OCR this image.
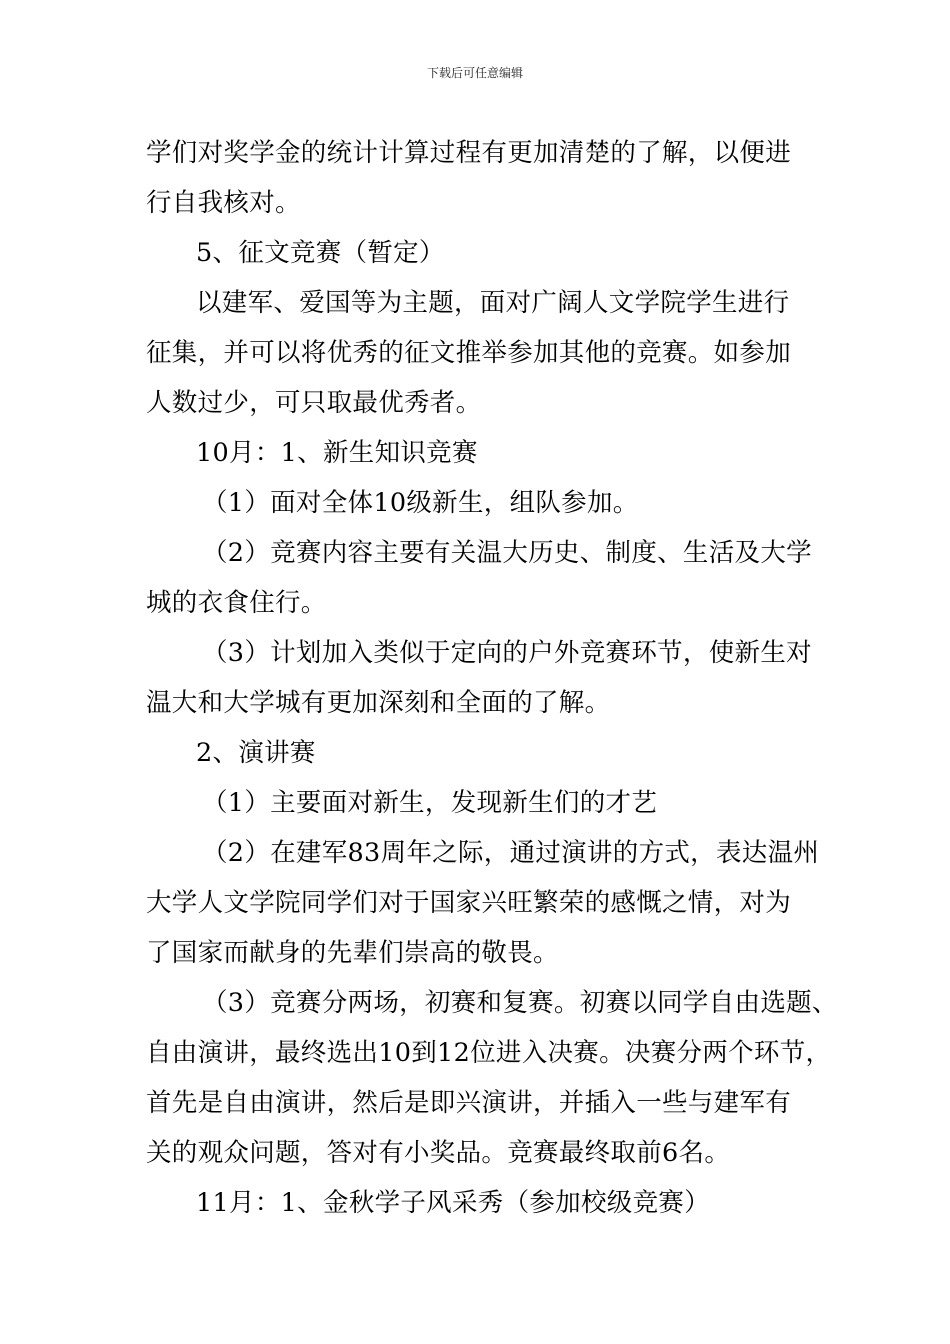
下载后可任意编辑
学们对奖学金的统计计算过程有更加清楚的了解，以便进
行自我核对。
5、征文竞赛（暂定）
以建军、爱国等为主题，面对广阔人文学院学生进行
征集，并可以将优秀的征文推举参加其他的竞赛。如参加
人数过少，可只取最优秀者。
10月：1、新生知识竞赛
（1）面对全体10级新生，组队参加。
（2）竞赛内容主要有关温大历史、制度、生活及大学
城的衣食住行。
（3）计划加入类似于定向的户外竞赛环节，使新生对
温大和大学城有更加深刻和全面的了解。
2、演讲赛
（1）主要面对新生，发现新生们的才艺
（2）在建军83周年之际，通过演讲的方式，表达温州
大学人文学院同学们对于国家兴旺繁荣的感慨之情，对为
了国家而献身的先辈们崇高的敬畏。
（3）竞赛分两场，初赛和复赛。初赛以同学自由选题、
自由演讲，最终选出10到12位进入决赛。决赛分两个环节，
首先是自由演讲，然后是即兴演讲，并插入一些与建军有
关的观众问题，答对有小奖品。竞赛最终取前6名。
11月：1、金秋学子风采秀（参加校级竞赛）
